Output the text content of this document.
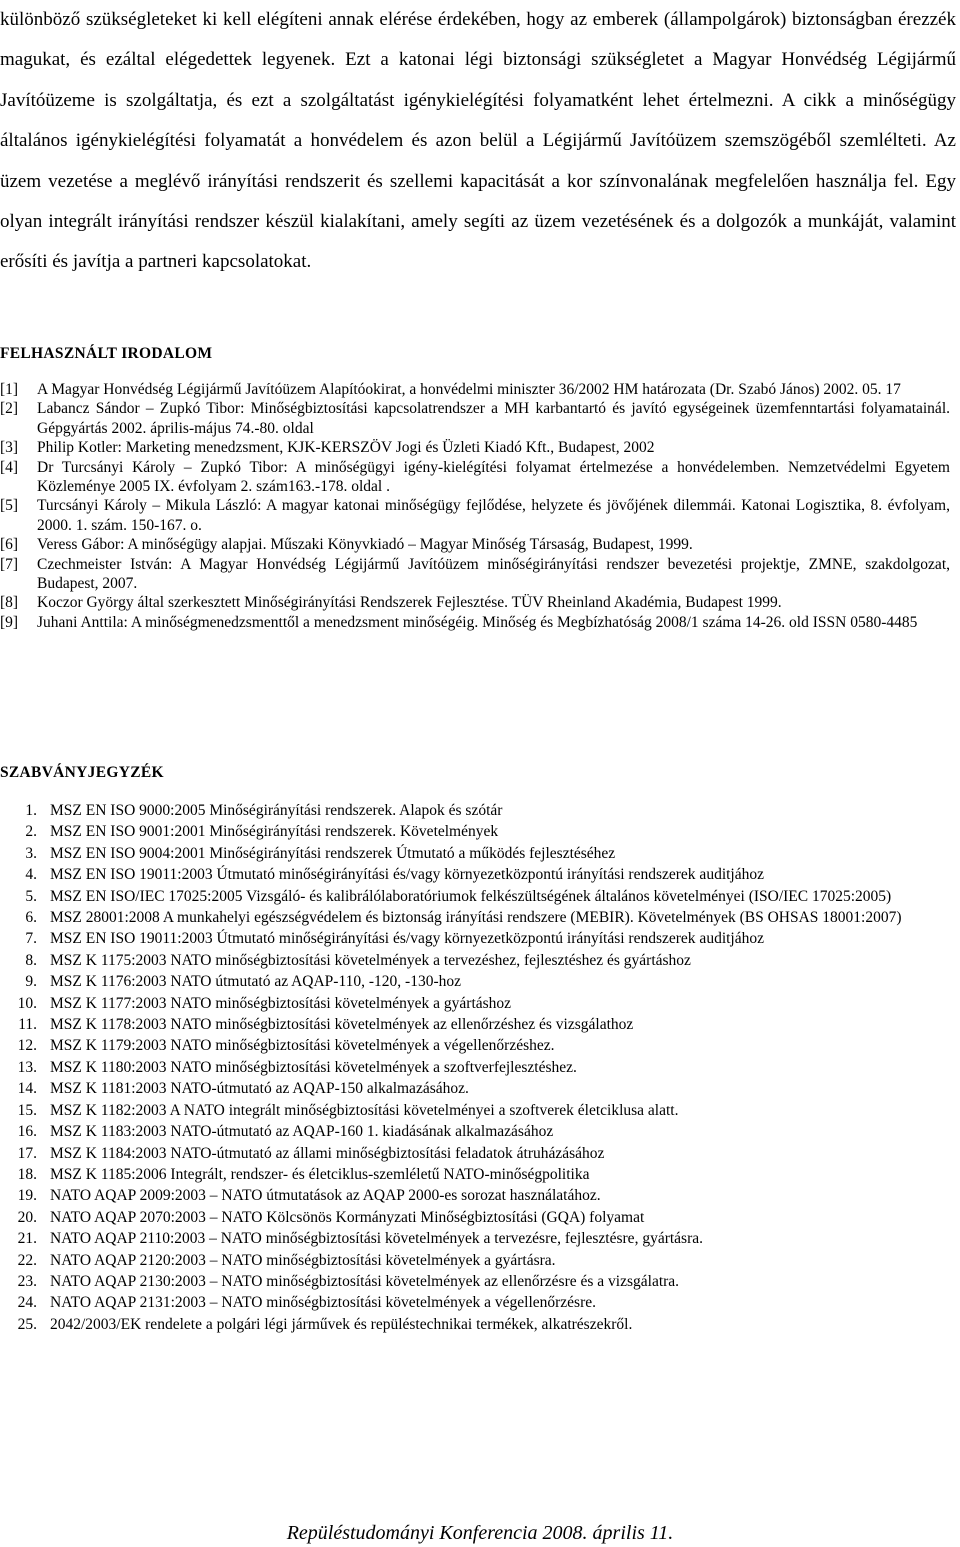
különböző szükségleteket ki kell elégíteni annak elérése érdekében, hogy az emberek (állampolgárok) biztonságban érezzék magukat, és ezáltal elégedettek legyenek. Ezt a katonai légi biztonsági szükségletet a Magyar Honvédség Légijármű Javítóüzeme is szolgáltatja, és ezt a szolgáltatást igénykielégítési folyamatként lehet értelmezni. A cikk a minőségügy általános igénykielégítési folyamatát a honvédelem és azon belül a Légijármű Javítóüzem szemszögéből szemlélteti. Az üzem vezetése a meglévő irányítási rendszerit és szellemi kapacitását a kor színvonalának megfelelően használja fel. Egy olyan integrált irányítási rendszer készül kialakítani, amely segíti az üzem vezetésének és a dolgozók a munkáját, valamint erősíti és javítja a partneri kapcsolatokat.

FELHASZNÁLT IRODALOM
[1] A Magyar Honvédség Légijármű Javítóüzem Alapítóokirat, a honvédelmi miniszter 36/2002 HM határozata (Dr. Szabó János) 2002. 05. 17
[2] Labancz Sándor – Zupkó Tibor: Minőségbiztosítási kapcsolatrendszer a MH karbantartó és javító egységeinek üzemfenntartási folyamatainál. Gépgyártás 2002. április-május 74.-80. oldal
[3] Philip Kotler: Marketing menedzsment, KJK-KERSZÖV Jogi és Üzleti Kiadó Kft., Budapest, 2002
[4] Dr Turcsányi Károly – Zupkó Tibor: A minőségügyi igény-kielégítési folyamat értelmezése a honvédelemben. Nemzetvédelmi Egyetem Közleménye 2005 IX. évfolyam 2. szám163.-178. oldal .
[5] Turcsányi Károly – Mikula László: A magyar katonai minőségügy fejlődése, helyzete és jövőjének dilemmái. Katonai Logisztika, 8. évfolyam, 2000. 1. szám. 150-167. o.
[6] Veress Gábor: A minőségügy alapjai. Műszaki Könyvkiadó – Magyar Minőség Társaság, Budapest, 1999.
[7] Czechmeister István: A Magyar Honvédség Légijármű Javítóüzem minőségirányítási rendszer bevezetési projektje, ZMNE, szakdolgozat, Budapest, 2007.
[8] Koczor György által szerkesztett Minőségirányítási Rendszerek Fejlesztése. TÜV Rheinland Akadémia, Budapest 1999.
[9] Juhani Anttila: A minőségmenedzsmenttől a menedzsment minőségéig. Minőség és Megbízhatóság 2008/1 száma 14-26. old ISSN 0580-4485
SZABVÁNYJEGYZÉK
1. MSZ EN ISO 9000:2005 Minőségirányítási rendszerek. Alapok és szótár
2. MSZ EN ISO 9001:2001 Minőségirányítási rendszerek. Követelmények
3. MSZ EN ISO 9004:2001 Minőségirányítási rendszerek Útmutató a működés fejlesztéséhez
4. MSZ EN ISO 19011:2003 Útmutató minőségirányítási és/vagy környezetközpontú irányítási rendszerek auditjához
5. MSZ EN ISO/IEC 17025:2005 Vizsgáló- és kalibrálólaboratóriumok felkészültségének általános követelményei (ISO/IEC 17025:2005)
6. MSZ 28001:2008 A munkahelyi egészségvédelem és biztonság irányítási rendszere (MEBIR). Követelmények (BS OHSAS 18001:2007)
7. MSZ EN ISO 19011:2003 Útmutató minőségirányítási és/vagy környezetközpontú irányítási rendszerek auditjához
8. MSZ K 1175:2003 NATO minőségbiztosítási követelmények a tervezéshez, fejlesztéshez és gyártáshoz
9. MSZ K 1176:2003 NATO útmutató az AQAP-110, -120, -130-hoz
10. MSZ K 1177:2003 NATO minőségbiztosítási követelmények a gyártáshoz
11. MSZ K 1178:2003 NATO minőségbiztosítási követelmények az ellenőrzéshez és vizsgálathoz
12. MSZ K 1179:2003 NATO minőségbiztosítási követelmények a végellenőrzéshez.
13. MSZ K 1180:2003 NATO minőségbiztosítási követelmények a szoftverfejlesztéshez.
14. MSZ K 1181:2003 NATO-útmutató az AQAP-150 alkalmazásához.
15. MSZ K 1182:2003 A NATO integrált minőségbiztosítási követelményei a szoftverek életciklusa alatt.
16. MSZ K 1183:2003 NATO-útmutató az AQAP-160 1. kiadásának alkalmazásához
17. MSZ K 1184:2003 NATO-útmutató az állami minőségbiztosítási feladatok átruházásához
18. MSZ K 1185:2006 Integrált, rendszer- és életciklus-szemléletű NATO-minőségpolitika
19. NATO AQAP 2009:2003 – NATO útmutatások az AQAP 2000-es sorozat használatához.
20. NATO AQAP 2070:2003 – NATO Kölcsönös Kormányzati Minőségbiztosítási (GQA) folyamat
21. NATO AQAP 2110:2003 – NATO minőségbiztosítási követelmények a tervezésre, fejlesztésre, gyártásra.
22. NATO AQAP 2120:2003 – NATO minőségbiztosítási követelmények a gyártásra.
23. NATO AQAP 2130:2003 – NATO minőségbiztosítási követelmények az ellenőrzésre és a vizsgálatra.
24. NATO AQAP 2131:2003 – NATO minőségbiztosítási követelmények a végellenőrzésre.
25. 2042/2003/EK rendelete a polgári légi járművek és repüléstechnikai termékek, alkatrészekről.
Repüléstudományi Konferencia 2008. április 11.
